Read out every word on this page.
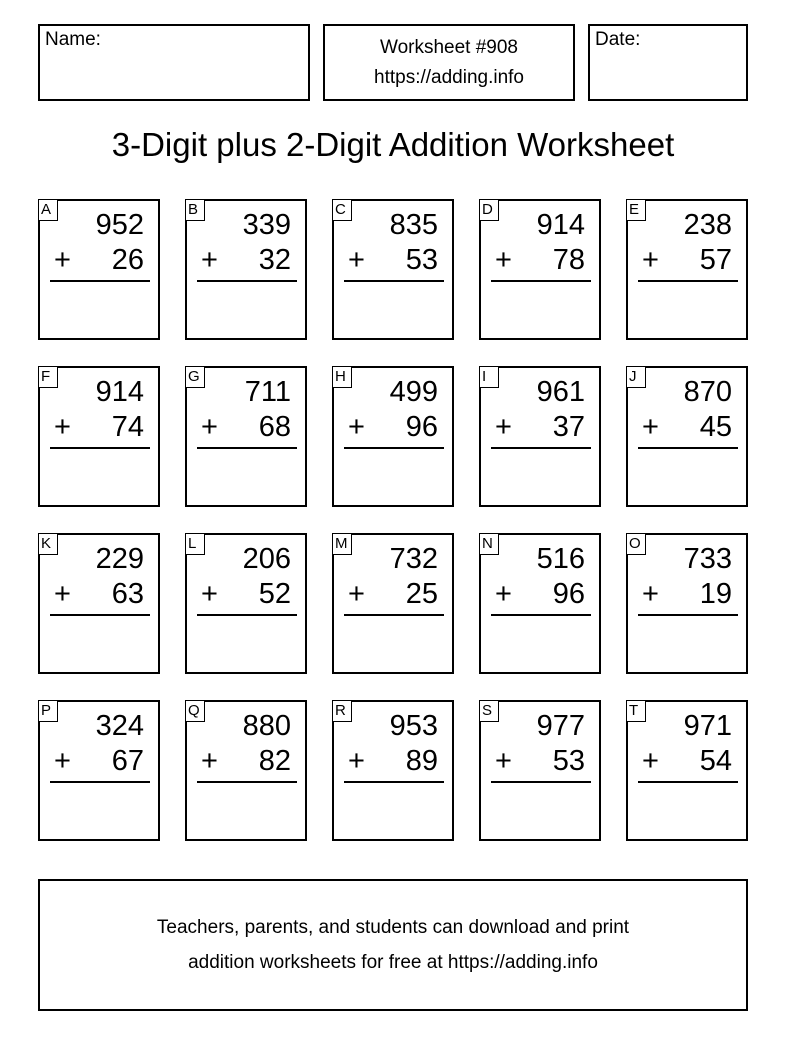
Name:	Worksheet #908
https://adding.info
Date:
3-Digit plus 2-Digit Addition Worksheet
A 952
+ 26
B 339
+ 32
C 835
+ 53
D 914
+ 78
E 238
+ 57
F 914
+ 74
G 711
+ 68
H 499
+ 96
I	961
+ 37
J	870
+ 45
K 229
+ 63
L 206
+ 52
M 732
+ 25
N 516
+ 96
O 733
+ 19
P 324
+ 67
Q 880
+ 82
R 953
+ 89
S 977
+ 53
T 971
+ 54
Teachers, parents, and students can download and print
addition worksheets for free at https://adding.info
